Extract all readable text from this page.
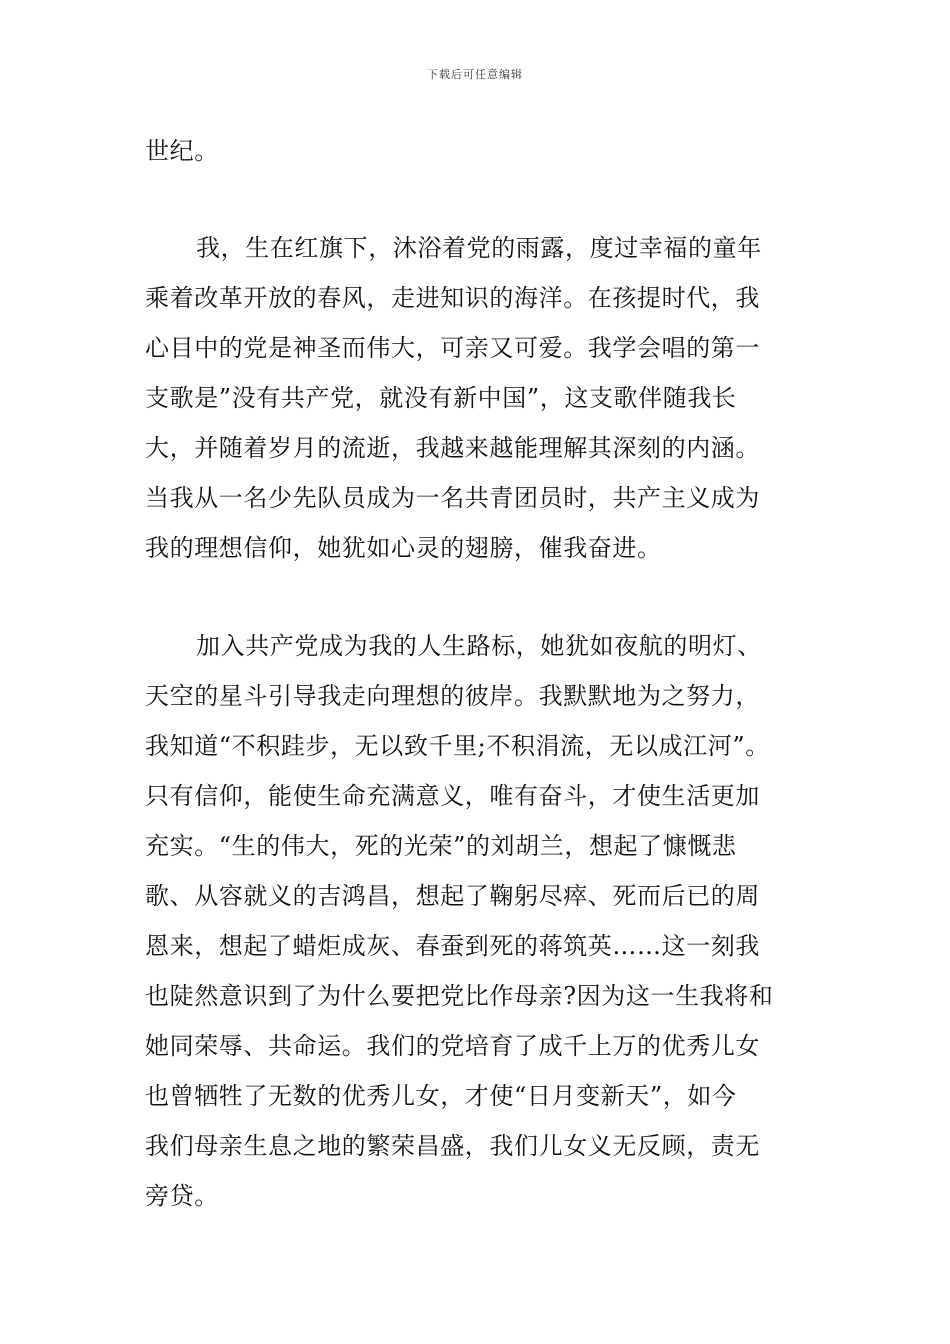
下载后可任意编辑
世纪。
我，生在红旗下，沐浴着党的雨露，度过幸福的童年
乘着改革开放的春风，走进知识的海洋。在孩提时代，我
心目中的党是神圣而伟大，可亲又可爱。我学会唱的第一
支歌是”没有共产党，就没有新中国”，这支歌伴随我长
大，并随着岁月的流逝，我越来越能理解其深刻的内涵。
当我从一名少先队员成为一名共青团员时，共产主义成为
我的理想信仰，她犹如心灵的翅膀，催我奋进。
加入共产党成为我的人生路标，她犹如夜航的明灯、
天空的星斗引导我走向理想的彼岸。我默默地为之努力，
我知道“不积跬步，无以致千里;不积涓流，无以成江河”。
只有信仰，能使生命充满意义，唯有奋斗，才使生活更加
充实。“生的伟大，死的光荣”的刘胡兰，想起了慷慨悲
歌、从容就义的吉鸿昌，想起了鞠躬尽瘁、死而后已的周
恩来，想起了蜡炬成灰、春蚕到死的蒋筑英……这一刻我
也陡然意识到了为什么要把党比作母亲?因为这一生我将和
她同荣辱、共命运。我们的党培育了成千上万的优秀儿女
也曾牺牲了无数的优秀儿女，才使“日月变新天”，如今
我们母亲生息之地的繁荣昌盛，我们儿女义无反顾，责无
旁贷。
